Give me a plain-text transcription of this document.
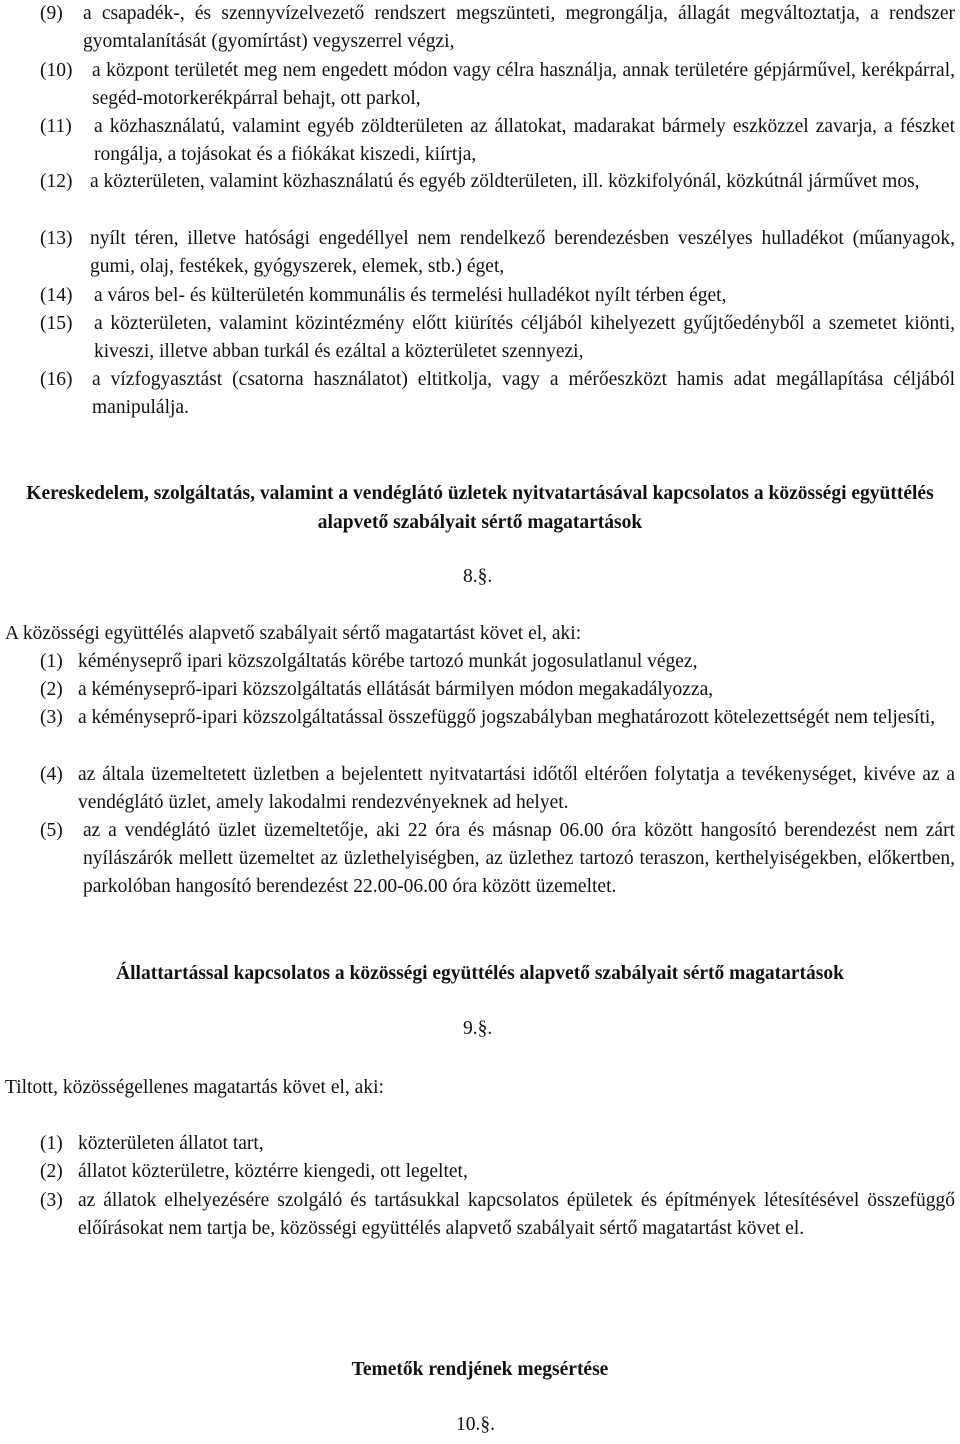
(9)	a csapadék-, és szennyvízelvezető rendszert megszünteti, megrongálja, állagát megváltoztatja, a rendszer gyomtalanítását (gyomírtást) vegyszerrel végzi,
(10)	a központ területét meg nem engedett módon vagy célra használja, annak területére gépjárművel, kerékpárral, segéd-motorkerékpárral behajt, ott parkol,
(11)	a közhasználatú, valamint egyéb zöldterületen az állatokat, madarakat bármely eszközzel zavarja, a fészket rongálja, a tojásokat és a fiókákat kiszedi, kiírtja,
(12) a közterületen, valamint közhasználatú és egyéb zöldterületen, ill. közkifolyónál, közkútnál járművet mos,
(13) nyílt téren, illetve hatósági engedéllyel nem rendelkező berendezésben veszélyes hulladékot (műanyagok, gumi, olaj, festékek, gyógyszerek, elemek, stb.) éget,
(14)	a város bel- és külterületén kommunális és termelési hulladékot nyílt térben éget,
(15)	a közterületen, valamint közintézmény előtt kiürítés céljából kihelyezett gyűjtőedényből a szemetet kiönti, kiveszi, illetve abban turkál és ezáltal a közterületet szennyezi,
(16)	a vízfogyasztást (csatorna használatot) eltitkolja, vagy a mérőeszközt hamis adat megállapítása céljából manipulálja.
Kereskedelem, szolgáltatás, valamint a vendéglátó üzletek nyitvatartásával kapcsolatos a közösségi együttélés alapvető szabályait sértő magatartások
8.§.
A közösségi együttélés alapvető szabályait sértő magatartást követ el, aki:
(1) kéményseprő ipari közszolgáltatás körébe tartozó munkát jogosulatlanul végez,
(2) a kéményseprő-ipari közszolgáltatás ellátását bármilyen módon megakadályozza,
(3) a kéményseprő-ipari közszolgáltatással összefüggő jogszabályban meghatározott kötelezettségét nem teljesíti,
(4) az általa üzemeltetett üzletben a bejelentett nyitvatartási időtől eltérően folytatja a tevékenységet, kivéve az a vendéglátó üzlet, amely lakodalmi rendezvényeknek ad helyet.
(5)	az a vendéglátó üzlet üzemeltetője, aki 22 óra és másnap 06.00 óra között hangosító berendezést nem zárt nyílászárók mellett üzemeltet az üzlethelyiségben, az üzlethez tartozó teraszon, kerthelyiségekben, előkertben, parkolóban hangosító berendezést 22.00-06.00 óra között üzemeltet.
Állattartással kapcsolatos a közösségi együttélés alapvető szabályait sértő magatartások
9.§.
Tiltott, közösségellenes magatartás követ el, aki:
(1) közterületen állatot tart,
(2) állatot közterületre, köztérre kiengedi, ott legeltet,
(3) az állatok elhelyezésére szolgáló és tartásukkal kapcsolatos épületek és építmények létesítésével összefüggő előírásokat nem tartja be, közösségi együttélés alapvető szabályait sértő magatartást követ el.
Temetők rendjének megsértése
10.§.
